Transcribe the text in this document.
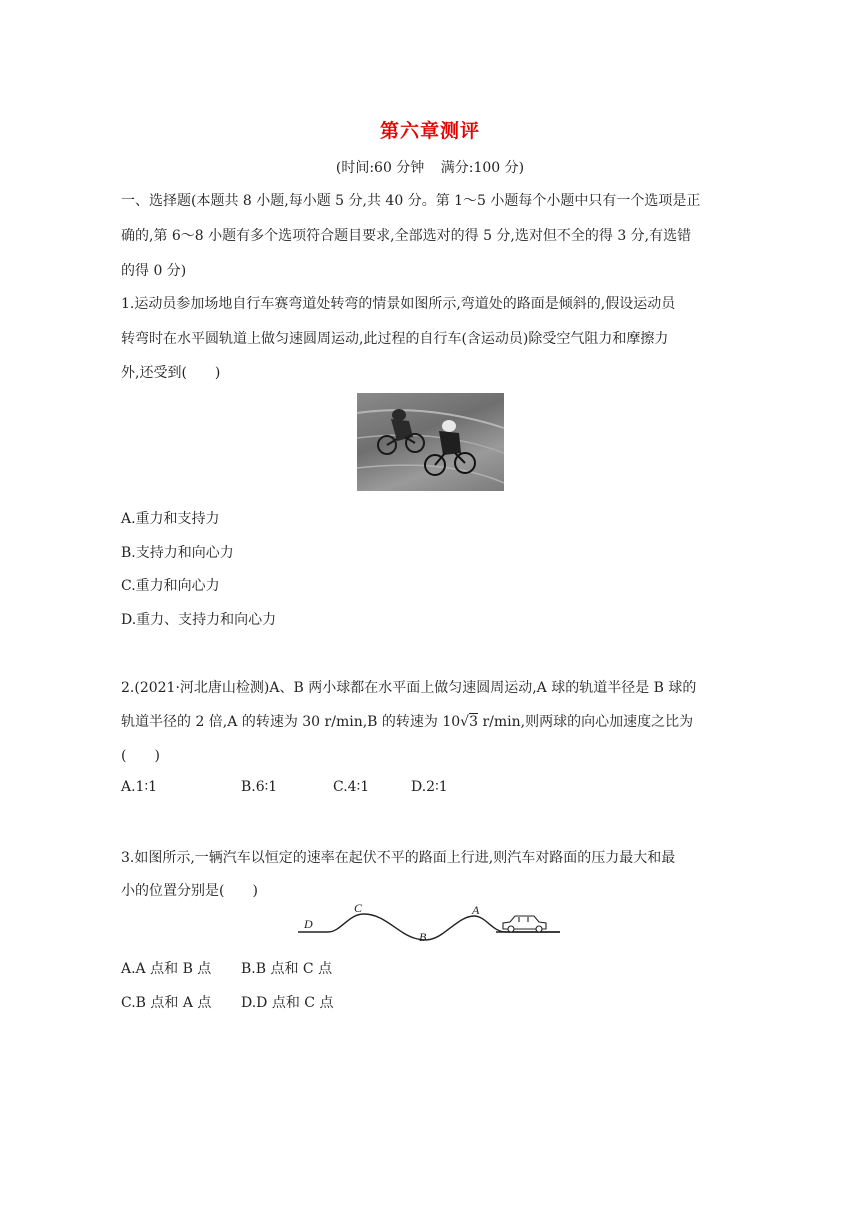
第六章测评
(时间:60 分钟 满分:100 分)
一、选择题(本题共 8 小题,每小题 5 分,共 40 分。第 1～5 小题每个小题中只有一个选项是正
确的,第 6～8 小题有多个选项符合题目要求,全部选对的得 5 分,选对但不全的得 3 分,有选错
的得 0 分)
1.运动员参加场地自行车赛弯道处转弯的情景如图所示,弯道处的路面是倾斜的,假设运动员
转弯时在水平圆轨道上做匀速圆周运动,此过程的自行车(含运动员)除受空气阻力和摩擦力
外,还受到(　　)
A.重力和支持力
B.支持力和向心力
C.重力和向心力
D.重力、支持力和向心力
2.(2021·河北唐山检测)A、B 两小球都在水平面上做匀速圆周运动,A 球的轨道半径是 B 球的
轨道半径的 2 倍,A 的转速为 30 r/min,B 的转速为 10√3 r/min,则两球的向心加速度之比为
(　　)
A.1∶1	B.6∶1	C.4∶1	D.2∶1
3.如图所示,一辆汽车以恒定的速率在起伏不平的路面上行进,则汽车对路面的压力最大和最
小的位置分别是(　　)
D
C
B
A
A.A 点和 B 点 B.B 点和 C 点
C.B 点和 A 点 D.D 点和 C 点
